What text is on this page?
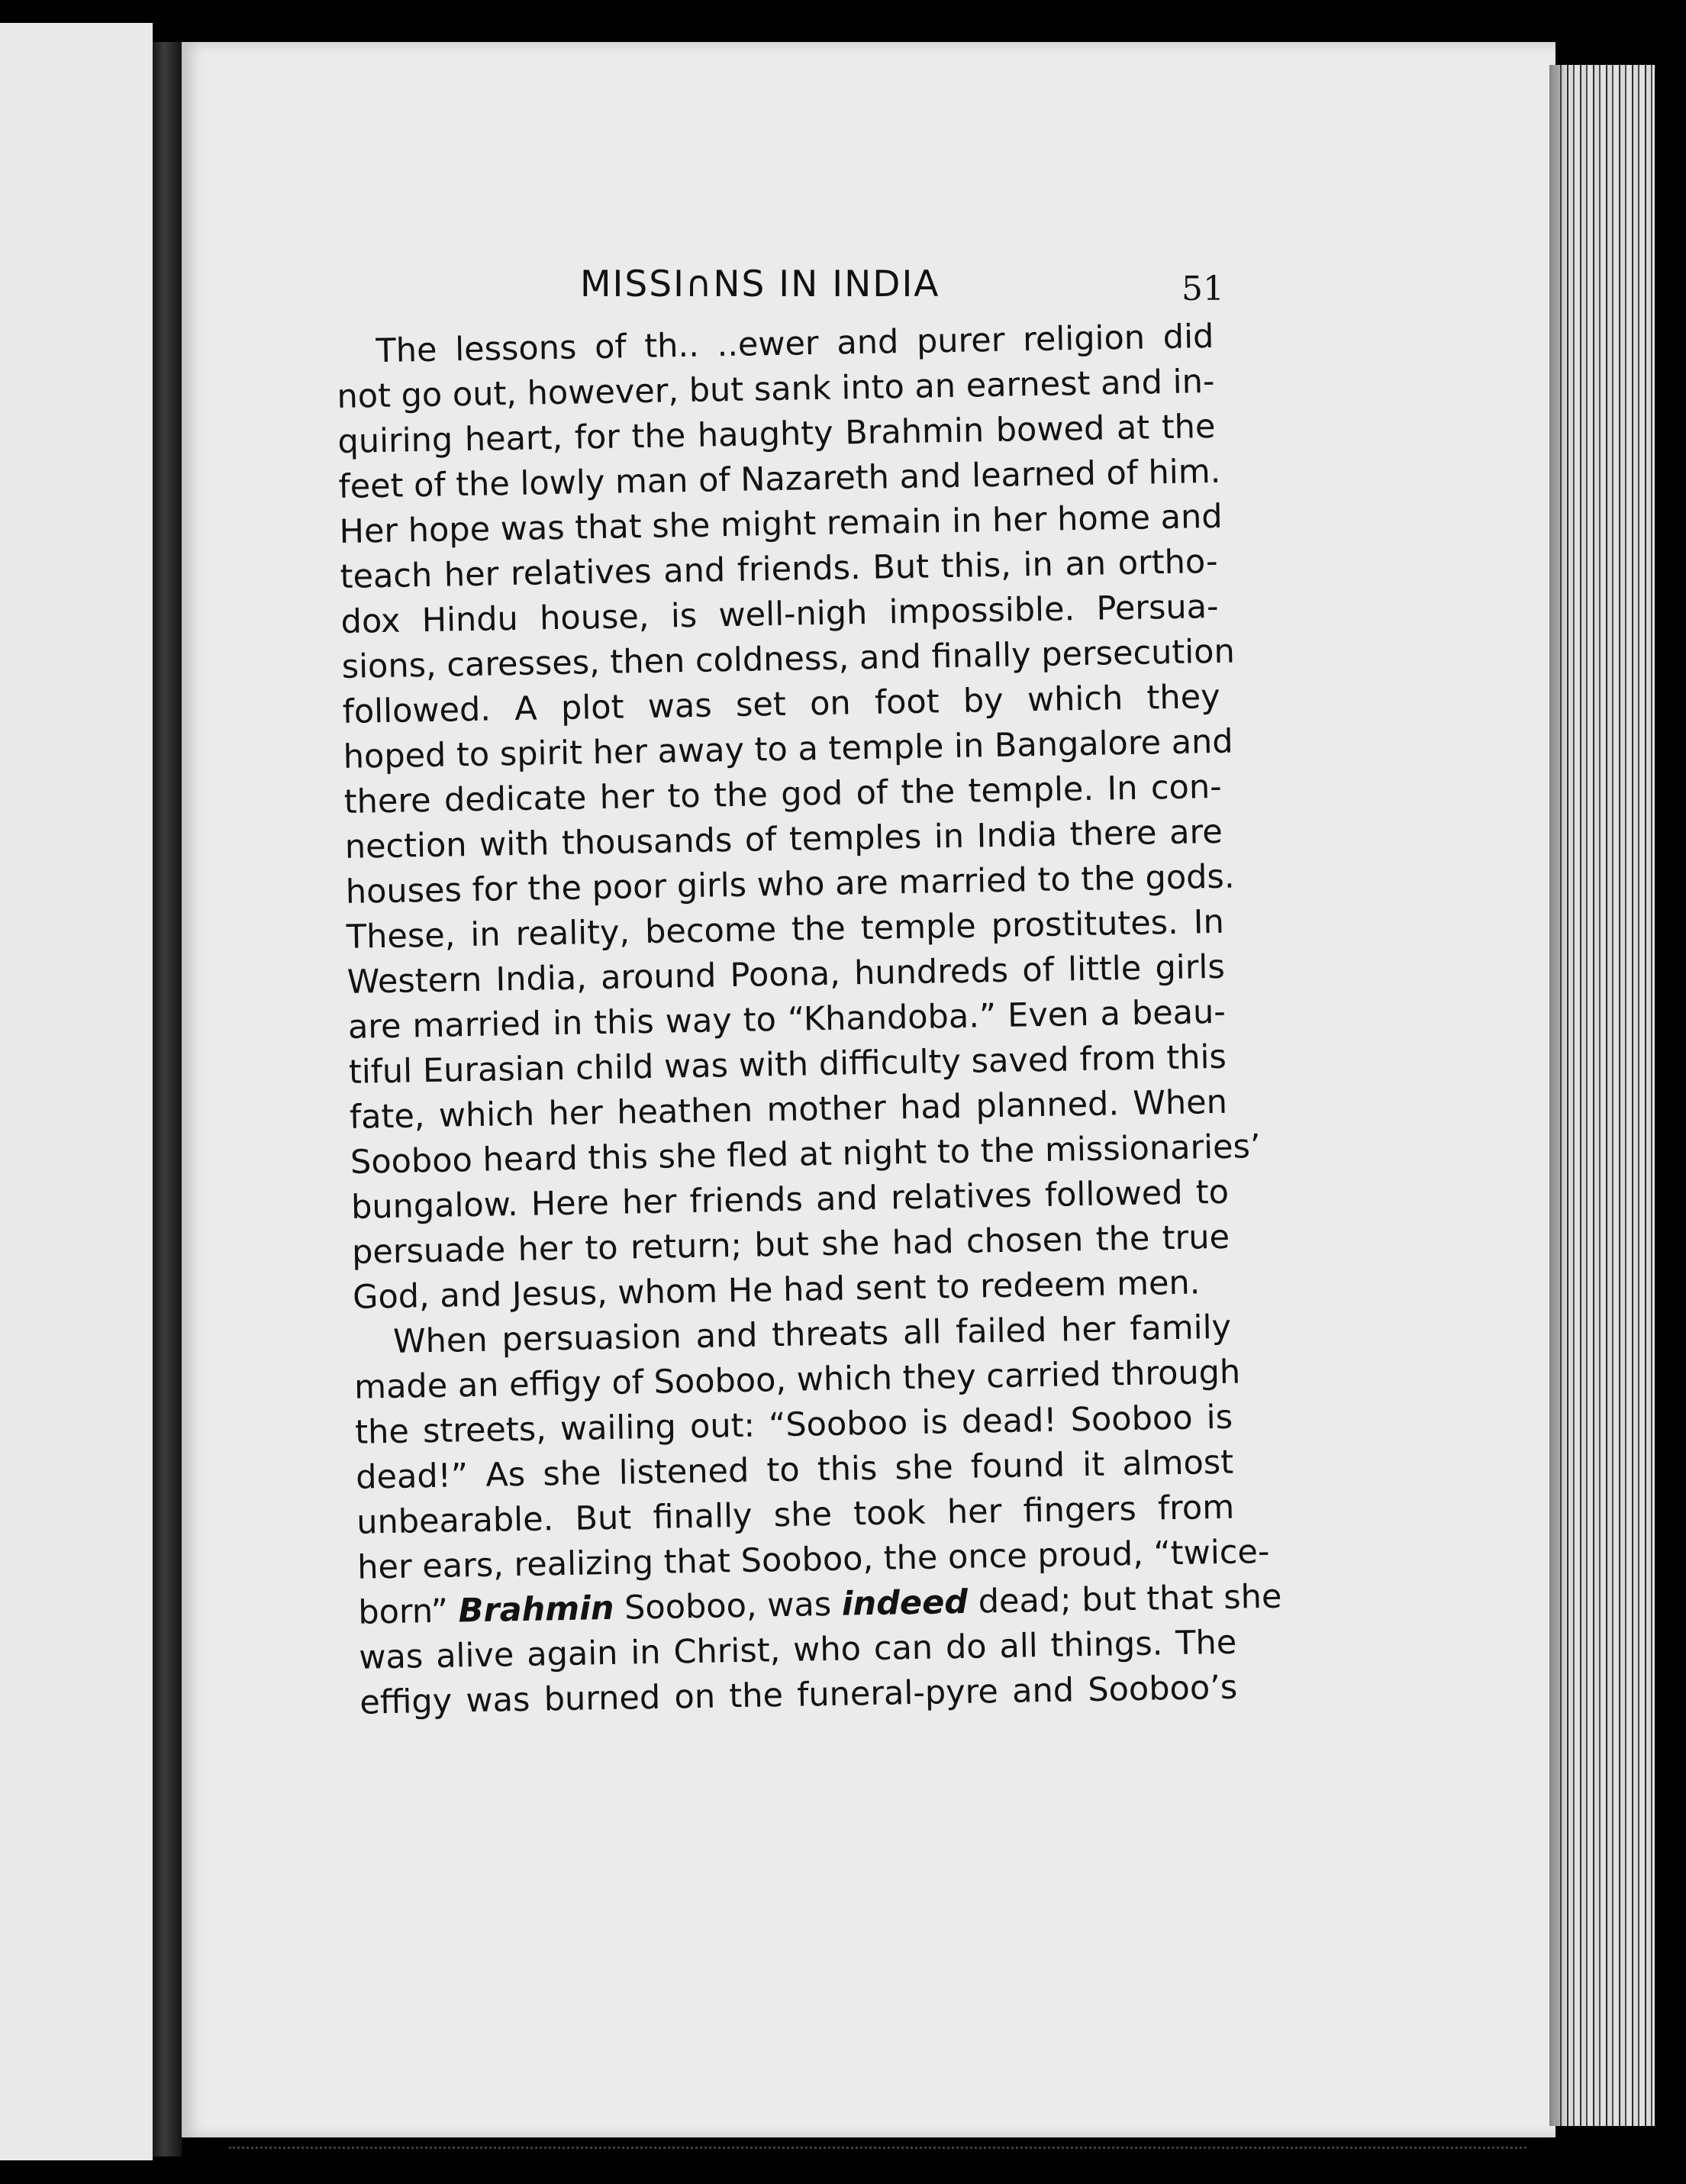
MISSI∩NS IN INDIA	51
The lessons of th.. ..ewer and purer religion did
not go out, however, but sank into an earnest and in-
quiring heart, for the haughty Brahmin bowed at the
feet of the lowly man of Nazareth and learned of him.
Her hope was that she might remain in her home and
teach her relatives and friends. But this, in an ortho-
dox Hindu house, is well-nigh impossible. Persua-
sions, caresses, then coldness, and finally persecution
followed. A plot was set on foot by which they
hoped to spirit her away to a temple in Bangalore and
there dedicate her to the god of the temple. In con-
nection with thousands of temples in India there are
houses for the poor girls who are married to the gods.
These, in reality, become the temple prostitutes. In
Western India, around Poona, hundreds of little girls
are married in this way to “Khandoba.” Even a beau-
tiful Eurasian child was with difficulty saved from this
fate, which her heathen mother had planned. When
Sooboo heard this she fled at night to the missionaries’
bungalow. Here her friends and relatives followed to
persuade her to return; but she had chosen the true
God, and Jesus, whom He had sent to redeem men.
When persuasion and threats all failed her family
made an effigy of Sooboo, which they carried through
the streets, wailing out: “Sooboo is dead! Sooboo is
dead!” As she listened to this she found it almost
unbearable. But finally she took her fingers from
her ears, realizing that Sooboo, the once proud, “twice-
born” Brahmin Sooboo, was indeed dead; but that she
was alive again in Christ, who can do all things. The
effigy was burned on the funeral-pyre and Sooboo’s
